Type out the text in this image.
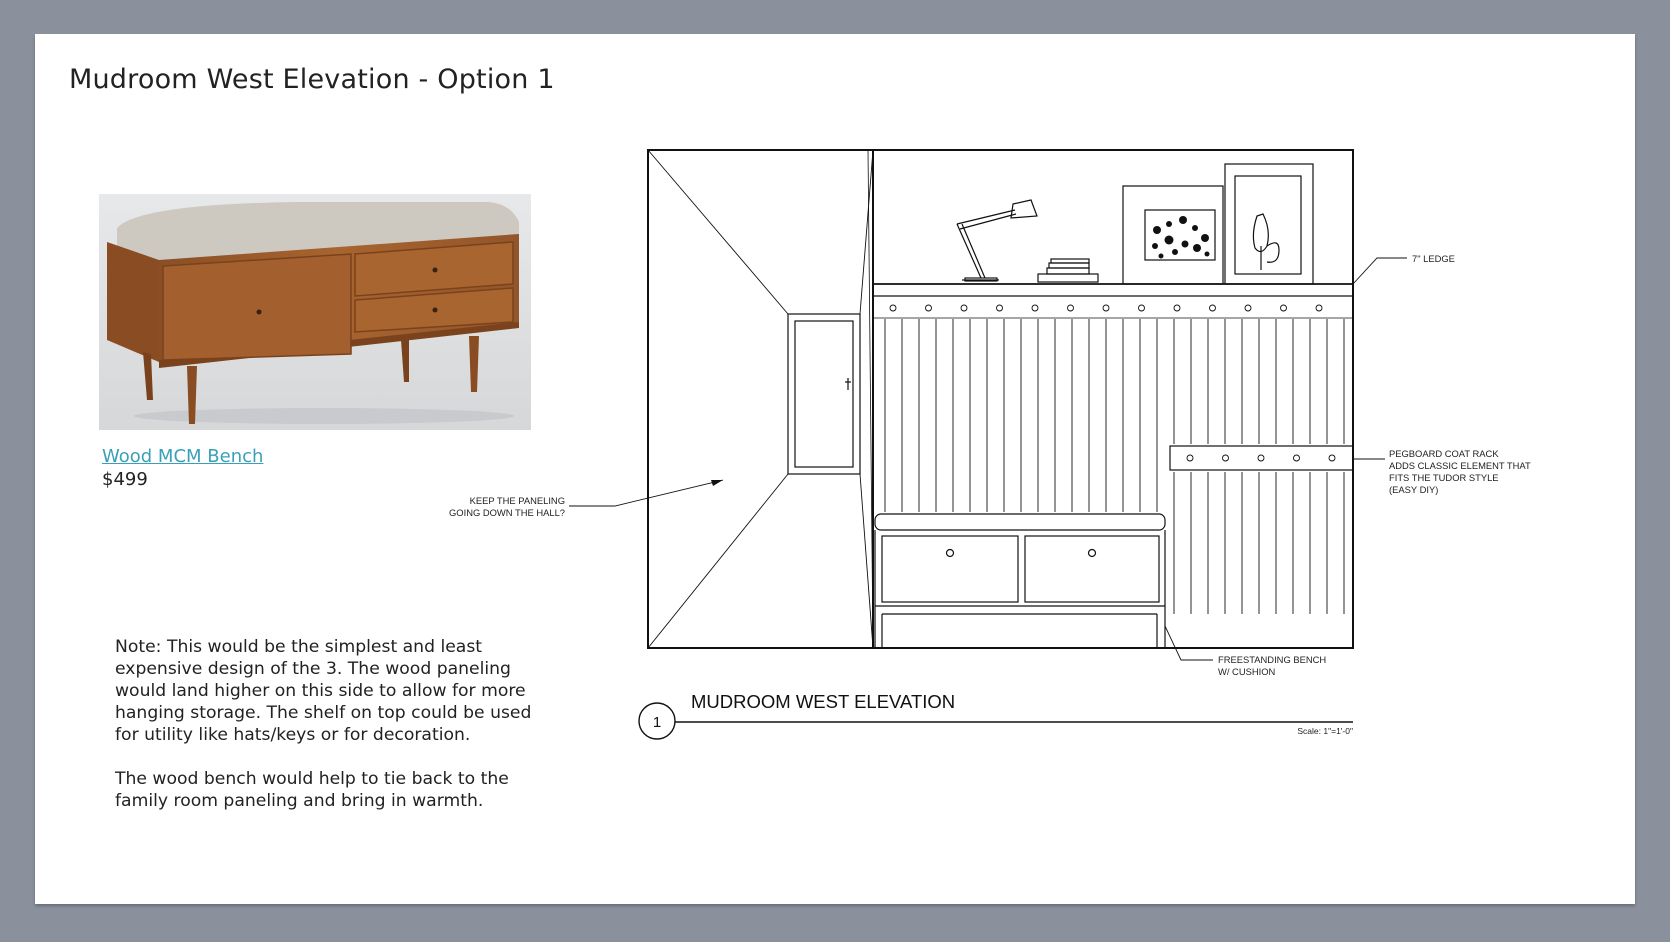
Mudroom West Elevation - Option 1
Wood MCM Bench
$499
Note: This would be the simplest and least
expensive design of the 3. The wood paneling
would land higher on this side to allow for more
hanging storage. The shelf on top could be used
for utility like hats/keys or for decoration.

The wood bench would help to tie back to the
family room paneling and bring in warmth.
7" LEDGE
PEGBOARD COAT RACK
ADDS CLASSIC ELEMENT THAT
FITS THE TUDOR STYLE
(EASY DIY)
KEEP THE PANELING
GOING DOWN THE HALL?
FREESTANDING BENCH
W/ CUSHION
1
MUDROOM WEST ELEVATION
Scale: 1"=1'-0"
